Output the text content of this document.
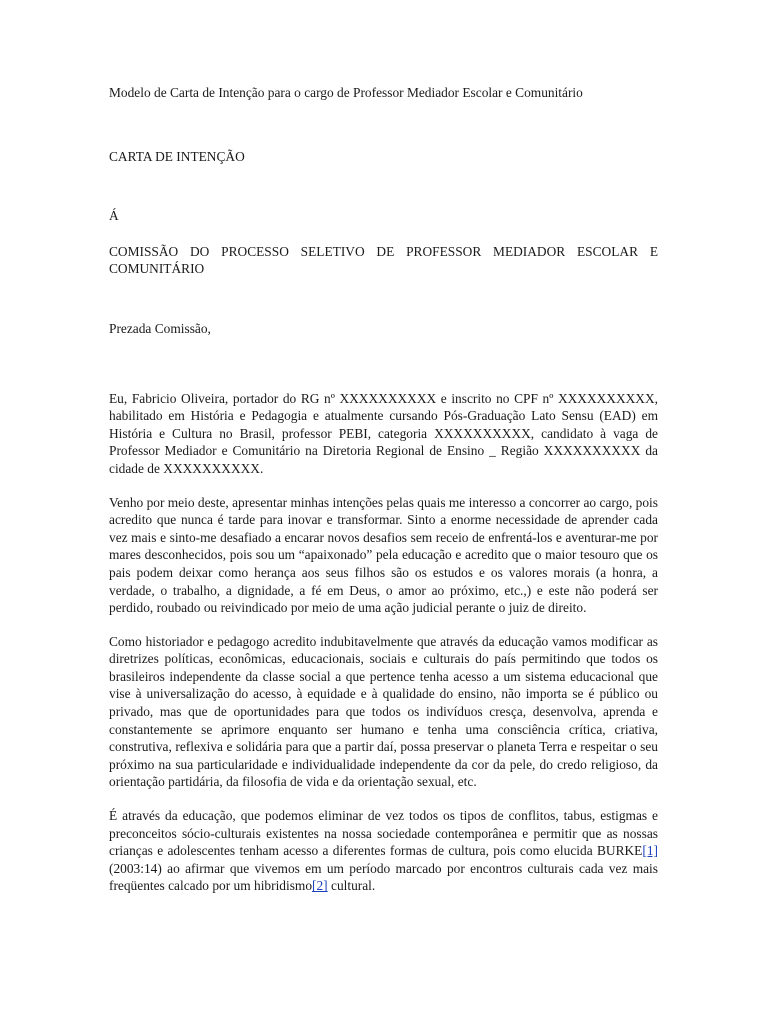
Modelo de Carta de Intenção para o cargo de Professor Mediador Escolar e Comunitário

CARTA DE INTENÇÃO

Á

COMISSÃO DO PROCESSO SELETIVO DE PROFESSOR MEDIADOR ESCOLAR E COMUNITÁRIO

Prezada Comissão,

Eu, Fabricio Oliveira, portador do RG nº XXXXXXXXXX e inscrito no CPF nº XXXXXXXXXX, habilitado em História e Pedagogia e atualmente cursando Pós-Graduação Lato Sensu (EAD) em História e Cultura no Brasil, professor PEBI, categoria XXXXXXXXXX, candidato à vaga de Professor Mediador e Comunitário na Diretoria Regional de Ensino _ Região XXXXXXXXXX da cidade de XXXXXXXXXX.

Venho por meio deste, apresentar minhas intenções pelas quais me interesso a concorrer ao cargo, pois acredito que nunca é tarde para inovar e transformar. Sinto a enorme necessidade de aprender cada vez mais e sinto-me desafiado a encarar novos desafios sem receio de enfrentá-los e aventurar-me por mares desconhecidos, pois sou um “apaixonado” pela educação e acredito que o maior tesouro que os pais podem deixar como herança aos seus filhos são os estudos e os valores morais (a honra, a verdade, o trabalho, a dignidade, a fé em Deus, o amor ao próximo, etc.,) e este não poderá ser perdido, roubado ou reivindicado por meio de uma ação judicial perante o juiz de direito.

Como historiador e pedagogo acredito indubitavelmente que através da educação vamos modificar as diretrizes políticas, econômicas, educacionais, sociais e culturais do país permitindo que todos os brasileiros independente da classe social a que pertence tenha acesso a um sistema educacional que vise à universalização do acesso, à equidade e à qualidade do ensino, não importa se é público ou privado, mas que de oportunidades para que todos os indivíduos cresça, desenvolva, aprenda e constantemente se aprimore enquanto ser humano e tenha uma consciência crítica, criativa, construtiva, reflexiva e solidária para que a partir daí, possa preservar o planeta Terra e respeitar o seu próximo na sua particularidade e individualidade independente da cor da pele, do credo religioso, da orientação partidária, da filosofia de vida e da orientação sexual, etc.

É através da educação, que podemos eliminar de vez todos os tipos de conflitos, tabus, estigmas e preconceitos sócio-culturais existentes na nossa sociedade contemporânea e permitir que as nossas crianças e adolescentes tenham acesso a diferentes formas de cultura, pois como elucida BURKE[1] (2003:14) ao afirmar que vivemos em um período marcado por encontros culturais cada vez mais freqüentes calcado por um hibridismo[2] cultural.
